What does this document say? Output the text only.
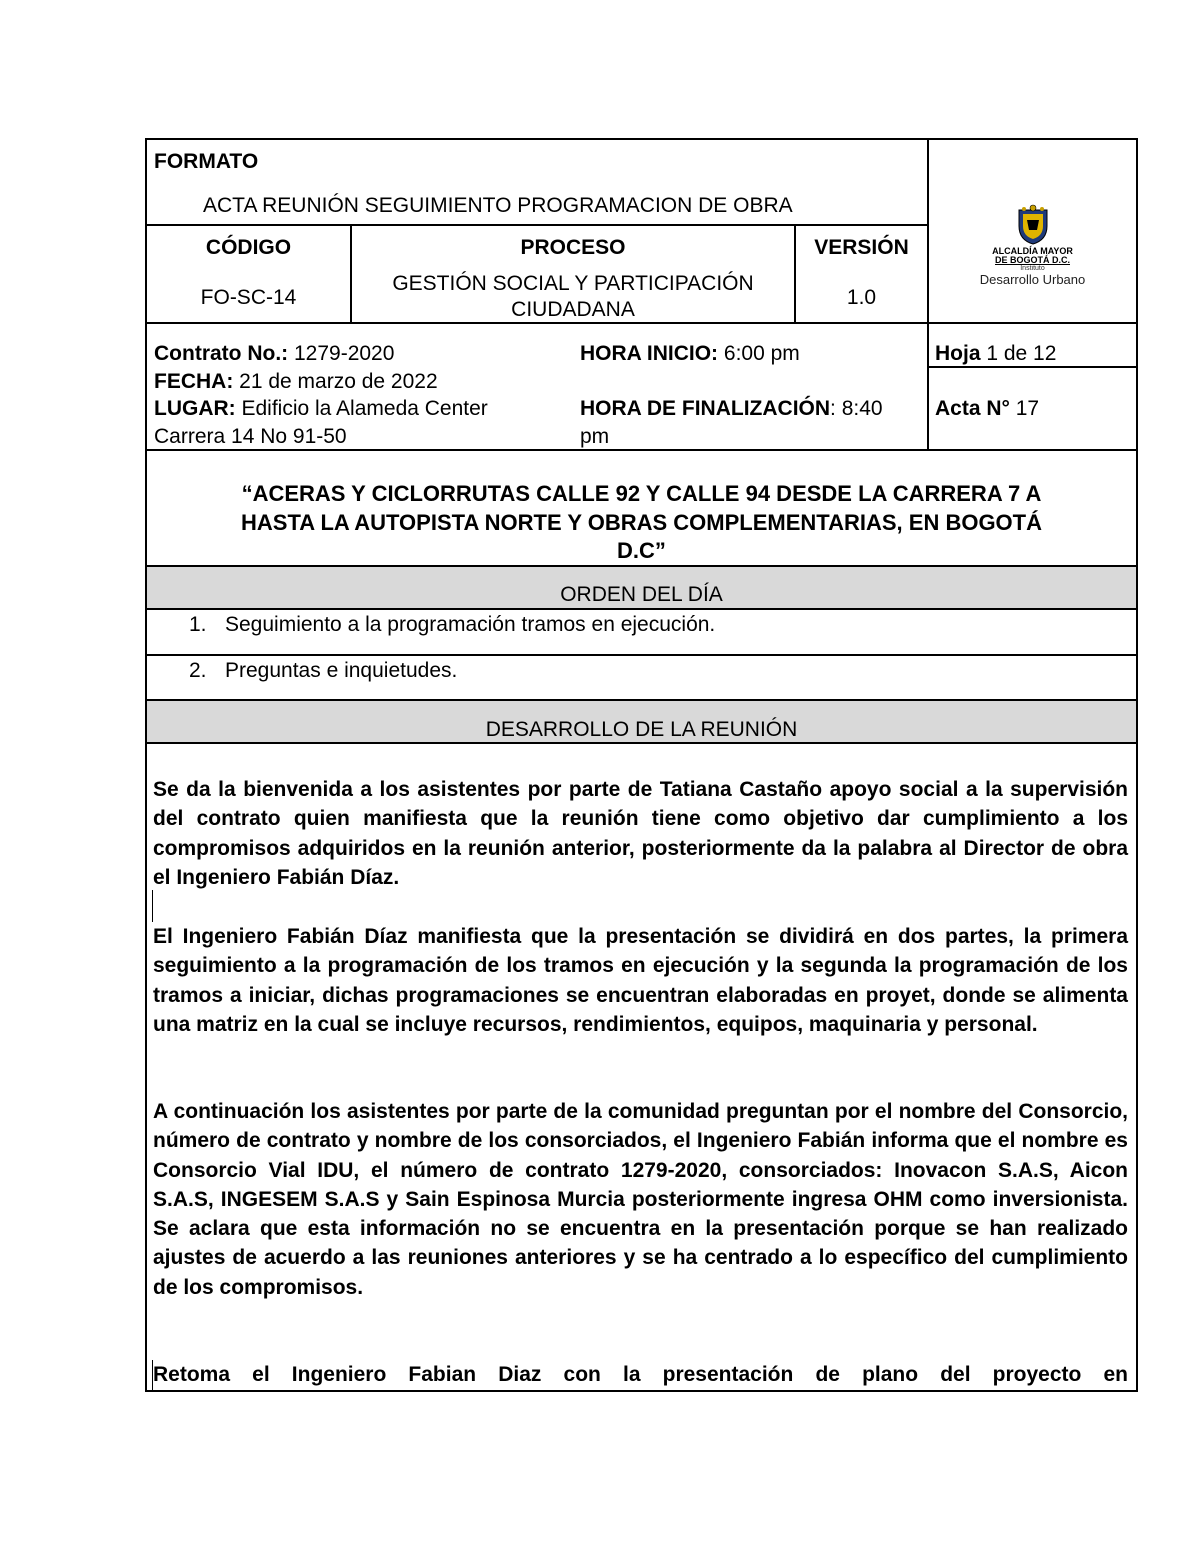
FORMATO
ACTA REUNIÓN SEGUIMIENTO PROGRAMACION DE OBRA
CÓDIGO
FO-SC-14
PROCESO
GESTIÓN SOCIAL Y PARTICIPACIÓN
CIUDADANA
VERSIÓN
1.0
ALCALDÍA MAYOR
DE BOGOTÁ D.C.
Instituto
Desarrollo Urbano
Contrato No.: 1279-2020
FECHA: 21 de marzo de 2022
LUGAR: Edificio la Alameda Center
Carrera 14 No 91-50
HORA INICIO: 6:00 pm
HORA DE FINALIZACIÓN: 8:40
pm
Hoja 1 de 12
Acta N° 17
“ACERAS Y CICLORRUTAS CALLE 92 Y CALLE 94 DESDE LA CARRERA 7 A
HASTA LA AUTOPISTA NORTE Y OBRAS COMPLEMENTARIAS, EN BOGOTÁ
D.C”
ORDEN DEL DÍA
1. Seguimiento a la programación tramos en ejecución.
2. Preguntas e inquietudes.
DESARROLLO DE LA REUNIÓN
Se da la bienvenida a los asistentes por parte de Tatiana Castaño apoyo social a la supervisión del contrato quien manifiesta que la reunión tiene como objetivo dar cumplimiento a los compromisos adquiridos en la reunión anterior, posteriormente da la palabra al Director de obra el Ingeniero Fabián Díaz.
El Ingeniero Fabián Díaz manifiesta que la presentación se dividirá en dos partes, la primera seguimiento a la programación de los tramos en ejecución y la segunda la programación de los tramos a iniciar, dichas programaciones se encuentran elaboradas en proyet, donde se alimenta una matriz en la cual se incluye recursos, rendimientos, equipos, maquinaria y personal.
A continuación los asistentes por parte de la comunidad preguntan por el nombre del Consorcio, número de contrato y nombre de los consorciados, el Ingeniero Fabián informa que el nombre es Consorcio Vial IDU, el número de contrato 1279-2020, consorciados: Inovacon S.A.S, Aicon S.A.S, INGESEM S.A.S y Sain Espinosa Murcia posteriormente ingresa OHM como inversionista. Se aclara que esta información no se encuentra en la presentación porque se han realizado ajustes de acuerdo a las reuniones anteriores y se ha centrado a lo específico del cumplimiento de los compromisos.
Retoma el Ingeniero Fabian Diaz con la presentación de plano del proyecto en
